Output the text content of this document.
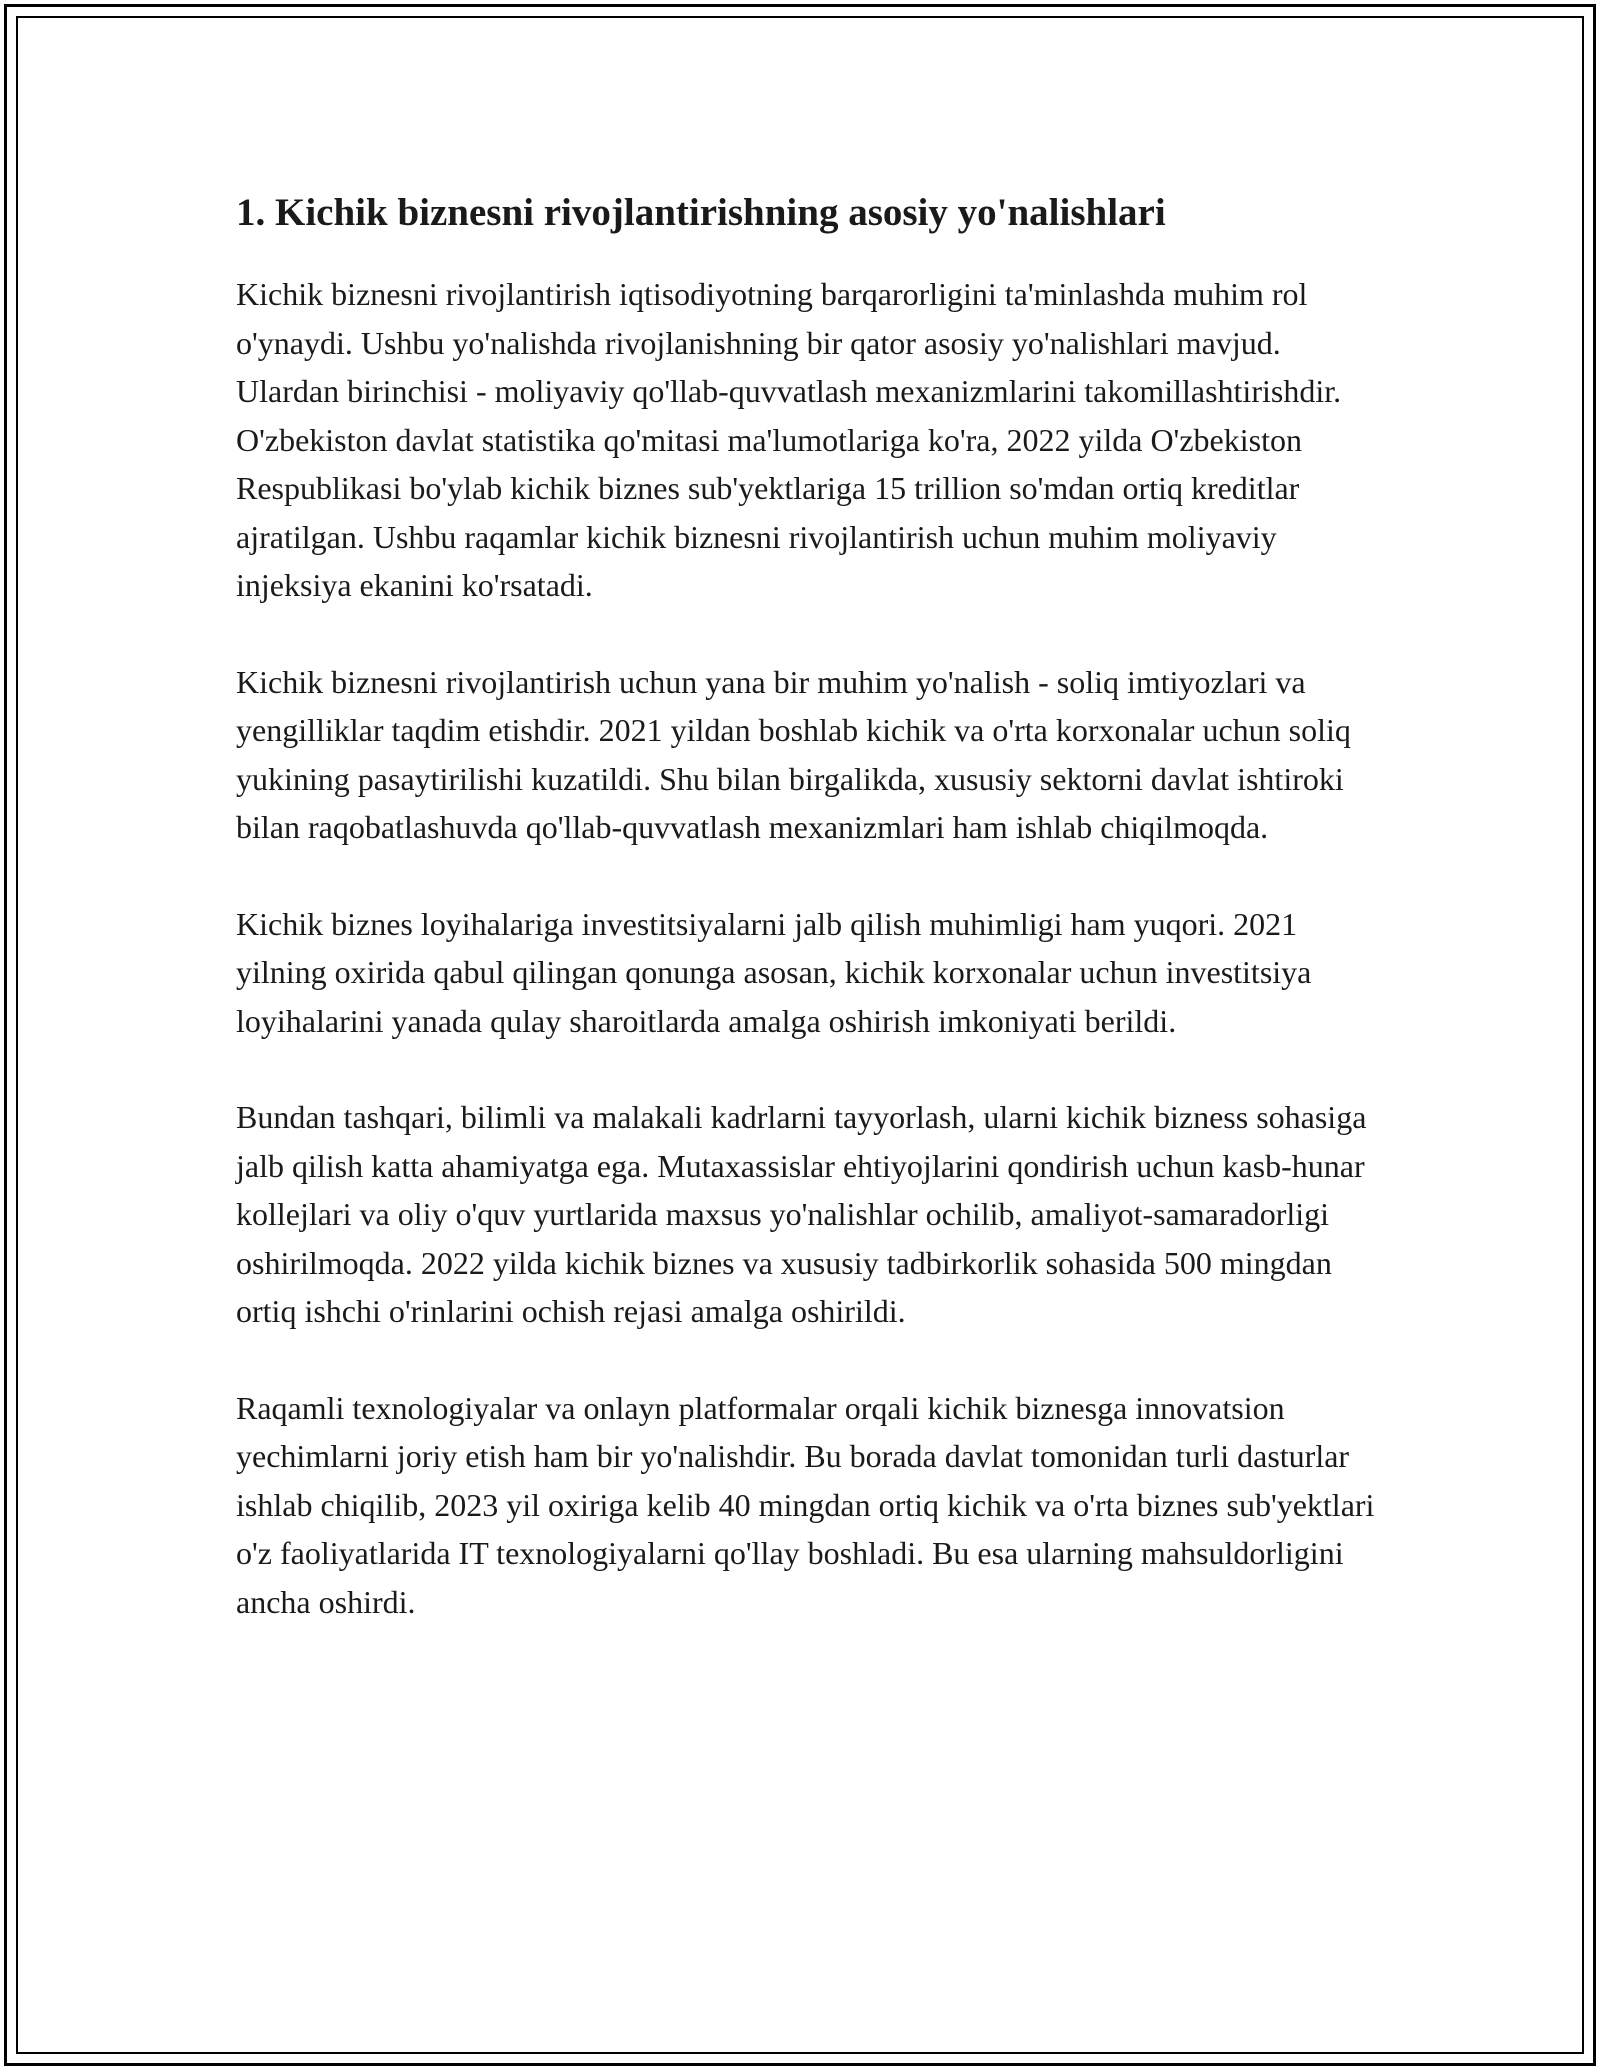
1. Kichik biznesni rivojlantirishning asosiy yo'nalishlari

Kichik biznesni rivojlantirish iqtisodiyotning barqarorligini ta'minlashda muhim rol o'ynaydi. Ushbu yo'nalishda rivojlanishning bir qator asosiy yo'nalishlari mavjud. Ulardan birinchisi - moliyaviy qo'llab-quvvatlash mexanizmlarini takomillashtirishdir. O'zbekiston davlat statistika qo'mitasi ma'lumotlariga ko'ra, 2022 yilda O'zbekiston Respublikasi bo'ylab kichik biznes sub'yektlariga 15 trillion so'mdan ortiq kreditlar ajratilgan. Ushbu raqamlar kichik biznesni rivojlantirish uchun muhim moliyaviy injeksiya ekanini ko'rsatadi.

Kichik biznesni rivojlantirish uchun yana bir muhim yo'nalish - soliq imtiyozlari va yengilliklar taqdim etishdir. 2021 yildan boshlab kichik va o'rta korxonalar uchun soliq yukining pasaytirilishi kuzatildi. Shu bilan birgalikda, xususiy sektorni davlat ishtiroki bilan raqobatlashuvda qo'llab-quvvatlash mexanizmlari ham ishlab chiqilmoqda.

Kichik biznes loyihalariga investitsiyalarni jalb qilish muhimligi ham yuqori. 2021 yilning oxirida qabul qilingan qonunga asosan, kichik korxonalar uchun investitsiya loyihalarini yanada qulay sharoitlarda amalga oshirish imkoniyati berildi.

Bundan tashqari, bilimli va malakali kadrlarni tayyorlash, ularni kichik bizness sohasiga jalb qilish katta ahamiyatga ega. Mutaxassislar ehtiyojlarini qondirish uchun kasb-hunar kollejlari va oliy o'quv yurtlarida maxsus yo'nalishlar ochilib, amaliyot-samaradorligi oshirilmoqda. 2022 yilda kichik biznes va xususiy tadbirkorlik sohasida 500 mingdan ortiq ishchi o'rinlarini ochish rejasi amalga oshirildi.

Raqamli texnologiyalar va onlayn platformalar orqali kichik biznesga innovatsion yechimlarni joriy etish ham bir yo'nalishdir. Bu borada davlat tomonidan turli dasturlar ishlab chiqilib, 2023 yil oxiriga kelib 40 mingdan ortiq kichik va o'rta biznes sub'yektlari o'z faoliyatlarida IT texnologiyalarni qo'llay boshladi. Bu esa ularning mahsuldorligini ancha oshirdi.
